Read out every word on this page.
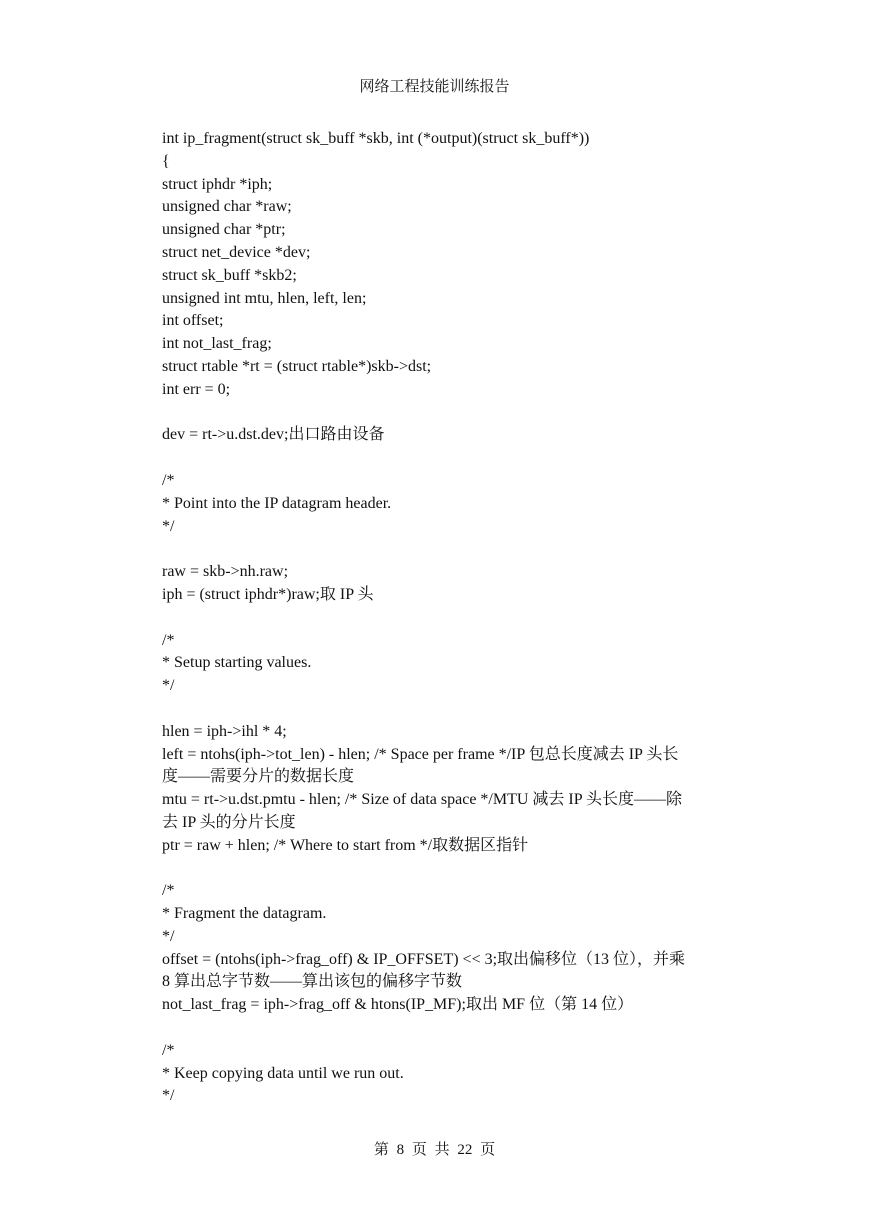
网络工程技能训练报告
int ip_fragment(struct sk_buff *skb, int (*output)(struct sk_buff*))
{
struct iphdr *iph;
unsigned char *raw;
unsigned char *ptr;
struct net_device *dev;
struct sk_buff *skb2;
unsigned int mtu, hlen, left, len;
int offset;
int not_last_frag;
struct rtable *rt = (struct rtable*)skb->dst;
int err = 0;
dev = rt->u.dst.dev;出口路由设备
/*
* Point into the IP datagram header.
*/
raw = skb->nh.raw;
iph = (struct iphdr*)raw;取 IP 头
/*
* Setup starting values.
*/
hlen = iph->ihl * 4;
left = ntohs(iph->tot_len) - hlen; /* Space per frame */IP 包总长度减去 IP 头长
度——需要分片的数据长度
mtu = rt->u.dst.pmtu - hlen; /* Size of data space */MTU 减去 IP 头长度——除
去 IP 头的分片长度
ptr = raw + hlen; /* Where to start from */取数据区指针
/*
* Fragment the datagram.
*/
offset = (ntohs(iph->frag_off) & IP_OFFSET) << 3;取出偏移位（13 位），并乘
8 算出总字节数——算出该包的偏移字节数
not_last_frag = iph->frag_off & htons(IP_MF);取出 MF 位（第 14 位）
/*
* Keep copying data until we run out.
*/
第 8 页 共 22 页
